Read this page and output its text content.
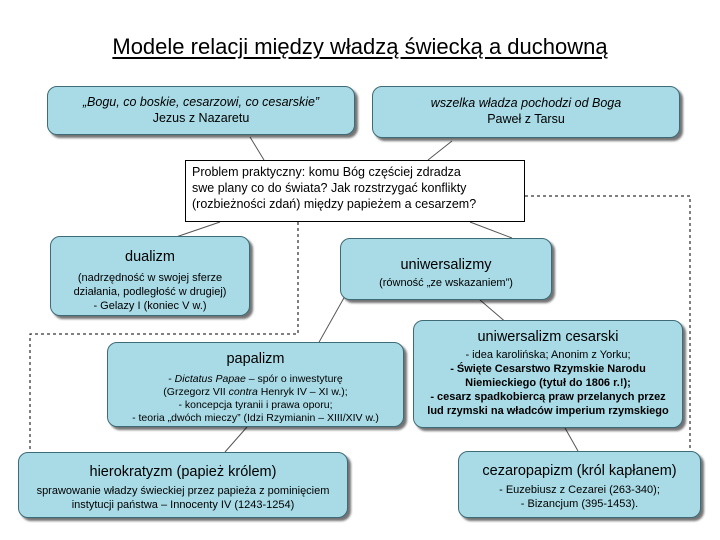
Modele relacji między władzą świecką a duchowną
„Bogu, co boskie, cesarzowi, co cesarskie”
Jezus z Nazaretu
wszelka władza pochodzi od Boga
Paweł z Tarsu
Problem praktyczny: komu Bóg częściej zdradza
swe plany co do świata? Jak rozstrzygać konflikty
(rozbieżności zdań) między papieżem a cesarzem?
dualizm
(nadrzędność w swojej sferze
działania, podległość w drugiej)
- Gelazy I (koniec V w.)
uniwersalizmy
(równość „ze wskazaniem”)
papalizm
- Dictatus Papae – spór o inwestyturę
(Grzegorz VII contra Henryk IV – XI w.);
- koncepcja tyranii i prawa oporu;
- teoria „dwóch mieczy” (Idzi Rzymianin – XIII/XIV w.)
uniwersalizm cesarski
- idea karolińska; Anonim z Yorku;
- Święte Cesarstwo Rzymskie Narodu
Niemieckiego (tytuł do 1806 r.!);
- cesarz spadkobiercą praw przelanych przez
lud rzymski na władców imperium rzymskiego
hierokratyzm (papież królem)
sprawowanie władzy świeckiej przez papieża z pominięciem
instytucji państwa – Innocenty IV (1243-1254)
cezaropapizm (król kapłanem)
- Euzebiusz z Cezarei (263-340);
- Bizancjum (395-1453).
